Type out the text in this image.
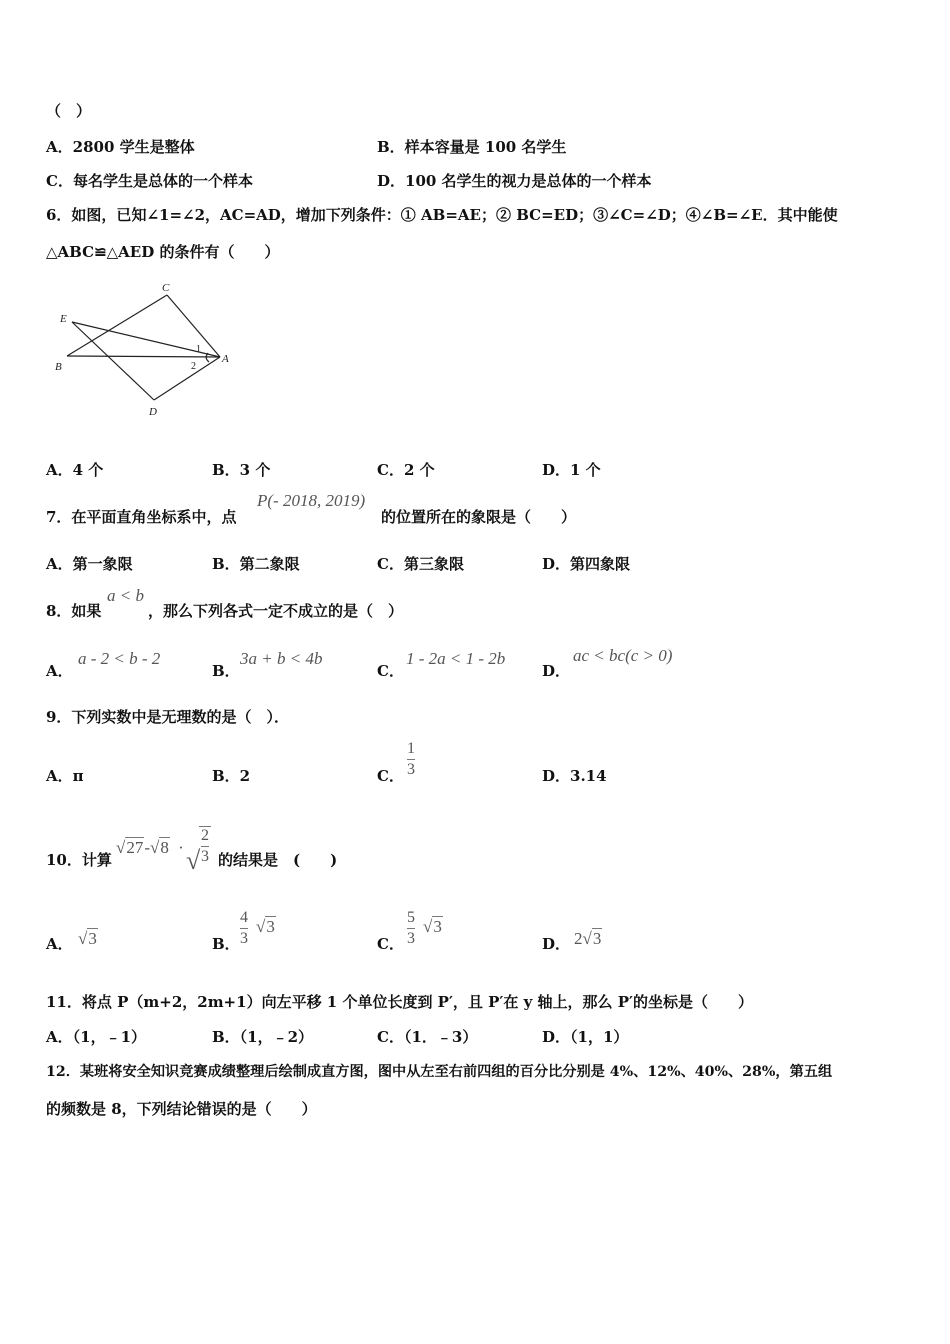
（　）
A．2800 学生是整体	B．样本容量是 100 名学生
C．每名学生是总体的一个样本	D．100 名学生的视力是总体的一个样本
6．如图，已知∠1=∠2，AC=AD，增加下列条件：① AB=AE；② BC=ED；③∠C=∠D；④∠B=∠E．其中能使
△ABC≌△AED 的条件有（　　）
C
E
B
A
D
1
2
A．4 个	B．3 个	C．2 个	D．1 个
7．在平面直角坐标系中，点
P(- 2018, 2019)
的位置所在的象限是（　　）
A．第一象限	B．第二象限	C．第三象限	D．第四象限
8．如果
a < b
，那么下列各式一定不成立的是（　）
A．
a - 2 < b - 2
B．
3a + b < 4b
C．
1 - 2a < 1 - 2b
D．
ac < bc(c > 0)
9．下列实数中是无理数的是（　）．
A．π	B．2	C．
1
3	D．3.14
10．计算
√27-√8 · √
2
3 的结果是　(　　)
A． √3	B．
4
3
√3
C．
5
3
√3
D． 2√3
11．将点 P（m+2，2m+1）向左平移 1 个单位长度到 P′，且 P′在 y 轴上，那么 P′的坐标是（　　）
A．（1，﹣1）	B．（1，﹣2）	C．（1．﹣3）	D．（1，1）
12．某班将安全知识竞赛成绩整理后绘制成直方图，图中从左至右前四组的百分比分别是 4%、12%、40%、28%，第五组
的频数是 8，下列结论错误的是（　　）
